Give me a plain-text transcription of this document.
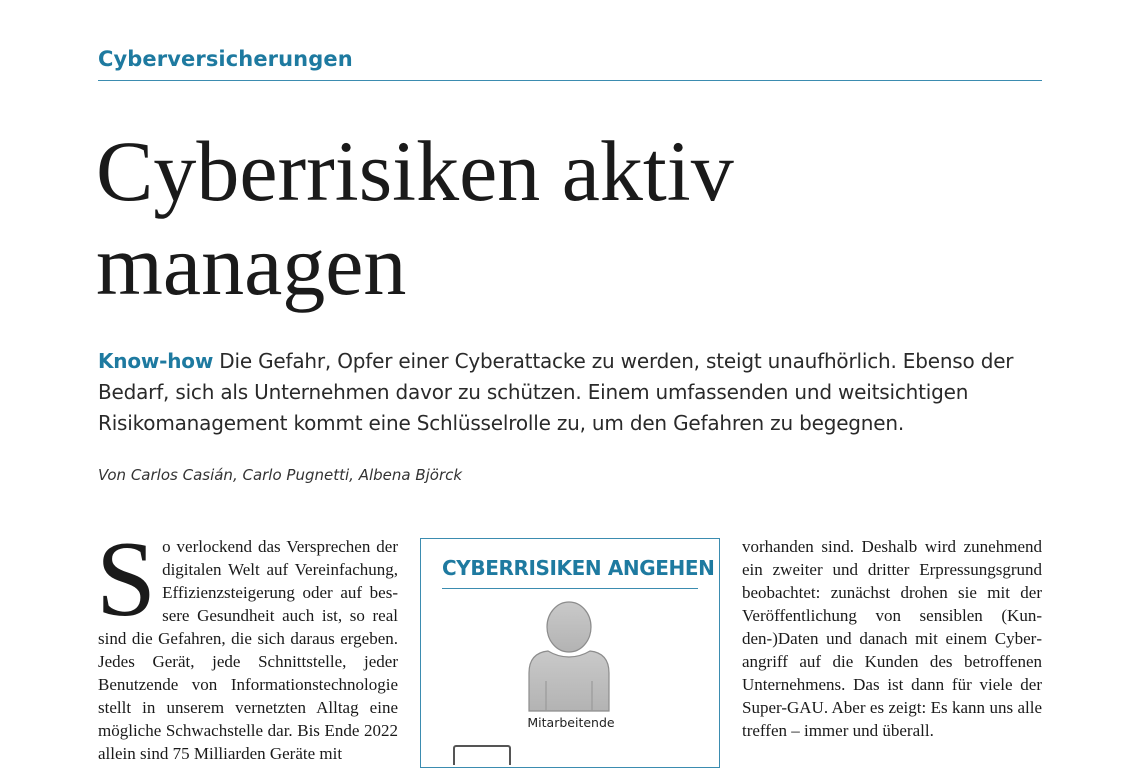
Cyberversicherungen
Cyberrisiken aktiv
managen

Know-how Die Gefahr, Opfer einer Cyberattacke zu werden, steigt unaufhörlich. Ebenso der Bedarf, sich als Unternehmen davor zu schützen. Einem umfassenden und weitsichtigen Risikomanagement kommt eine Schlüsselrolle zu, um den Gefahren zu begegnen.

Von Carlos Casián, Carlo Pugnetti, Albena Björck
S o verlockend das Versprechen der digitalen Welt auf Vereinfachung, Effizienzsteigerung oder auf bessere Gesundheit auch ist, so real sind die Gefahren, die sich daraus ergeben. Jedes Gerät, jede Schnittstelle, jeder Benutzende von Informationstechnologie stellt in unserem vernetzten Alltag eine mögliche Schwachstelle dar. Bis Ende 2022 allein sind 75 Milliarden Geräte mit
CYBERRISIKEN ANGEHEN
Mitarbeitende
vorhanden sind. Deshalb wird zunehmend ein zweiter und dritter Erpressungsgrund beobachtet: zunächst drohen sie mit der Veröffentlichung von sensiblen (Kunden-)Daten und danach mit einem Cyberangriff auf die Kunden des betroffenen Unternehmens. Das ist dann für viele der Super-GAU. Aber es zeigt: Es kann uns alle treffen – immer und überall.
